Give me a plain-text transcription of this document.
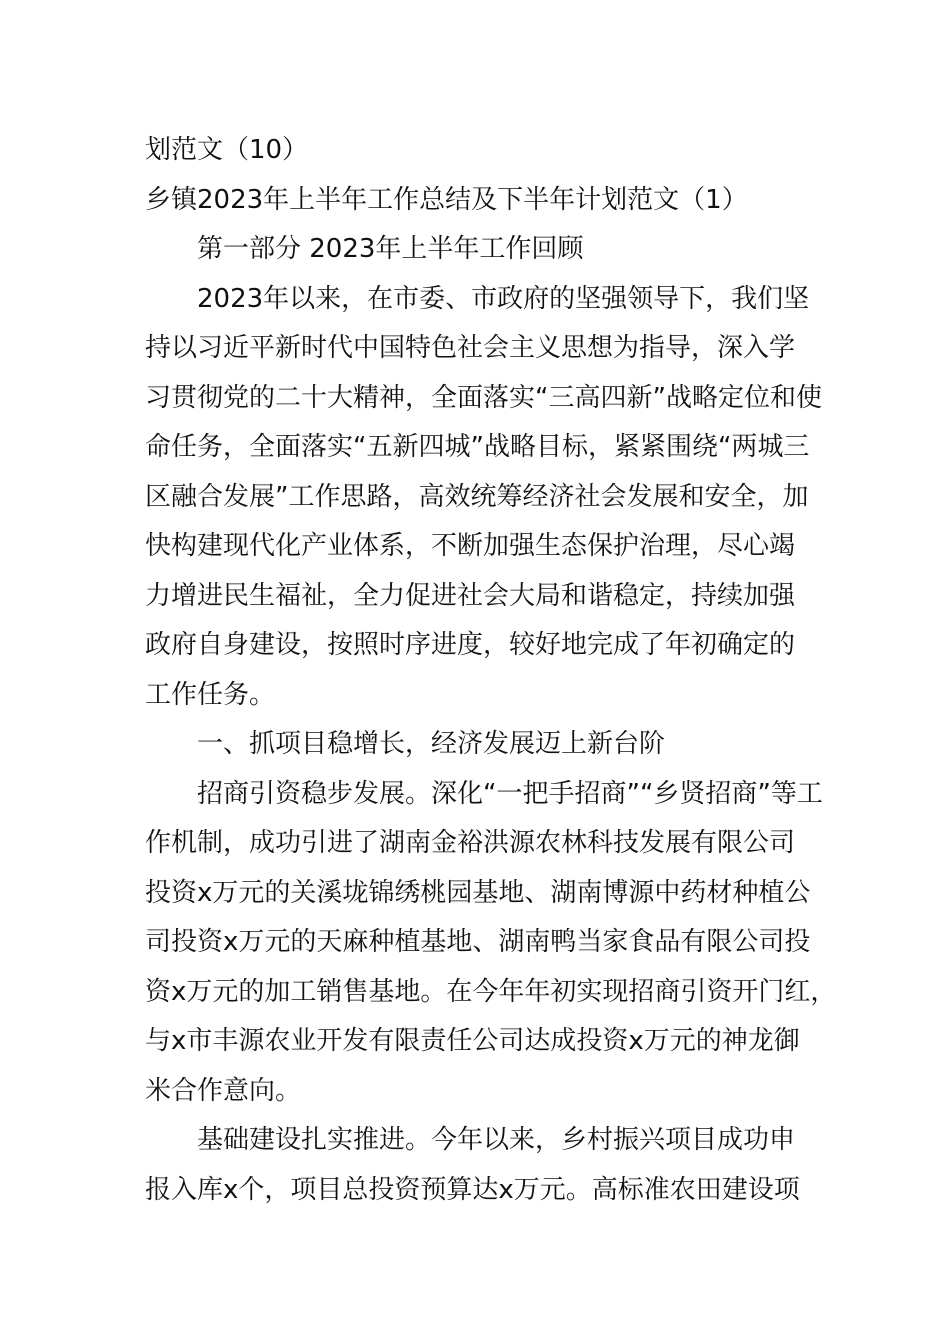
划范文（10）
乡镇2023年上半年工作总结及下半年计划范文（1）
第一部分 2023年上半年工作回顾
2023年以来，在市委、市政府的坚强领导下，我们坚
持以习近平新时代中国特色社会主义思想为指导，深入学
习贯彻党的二十大精神，全面落实“三高四新”战略定位和使
命任务，全面落实“五新四城”战略目标，紧紧围绕“两城三
区融合发展”工作思路，高效统筹经济社会发展和安全，加
快构建现代化产业体系，不断加强生态保护治理，尽心竭
力增进民生福祉，全力促进社会大局和谐稳定，持续加强
政府自身建设，按照时序进度，较好地完成了年初确定的
工作任务。
一、抓项目稳增长，经济发展迈上新台阶
招商引资稳步发展。深化“一把手招商”“乡贤招商”等工
作机制，成功引进了湖南金裕洪源农林科技发展有限公司
投资x万元的关溪垅锦绣桃园基地、湖南博源中药材种植公
司投资x万元的天麻种植基地、湖南鸭当家食品有限公司投
资x万元的加工销售基地。在今年年初实现招商引资开门红，
与x市丰源农业开发有限责任公司达成投资x万元的神龙御
米合作意向。
基础建设扎实推进。今年以来，乡村振兴项目成功申
报入库x个，项目总投资预算达x万元。高标准农田建设项
